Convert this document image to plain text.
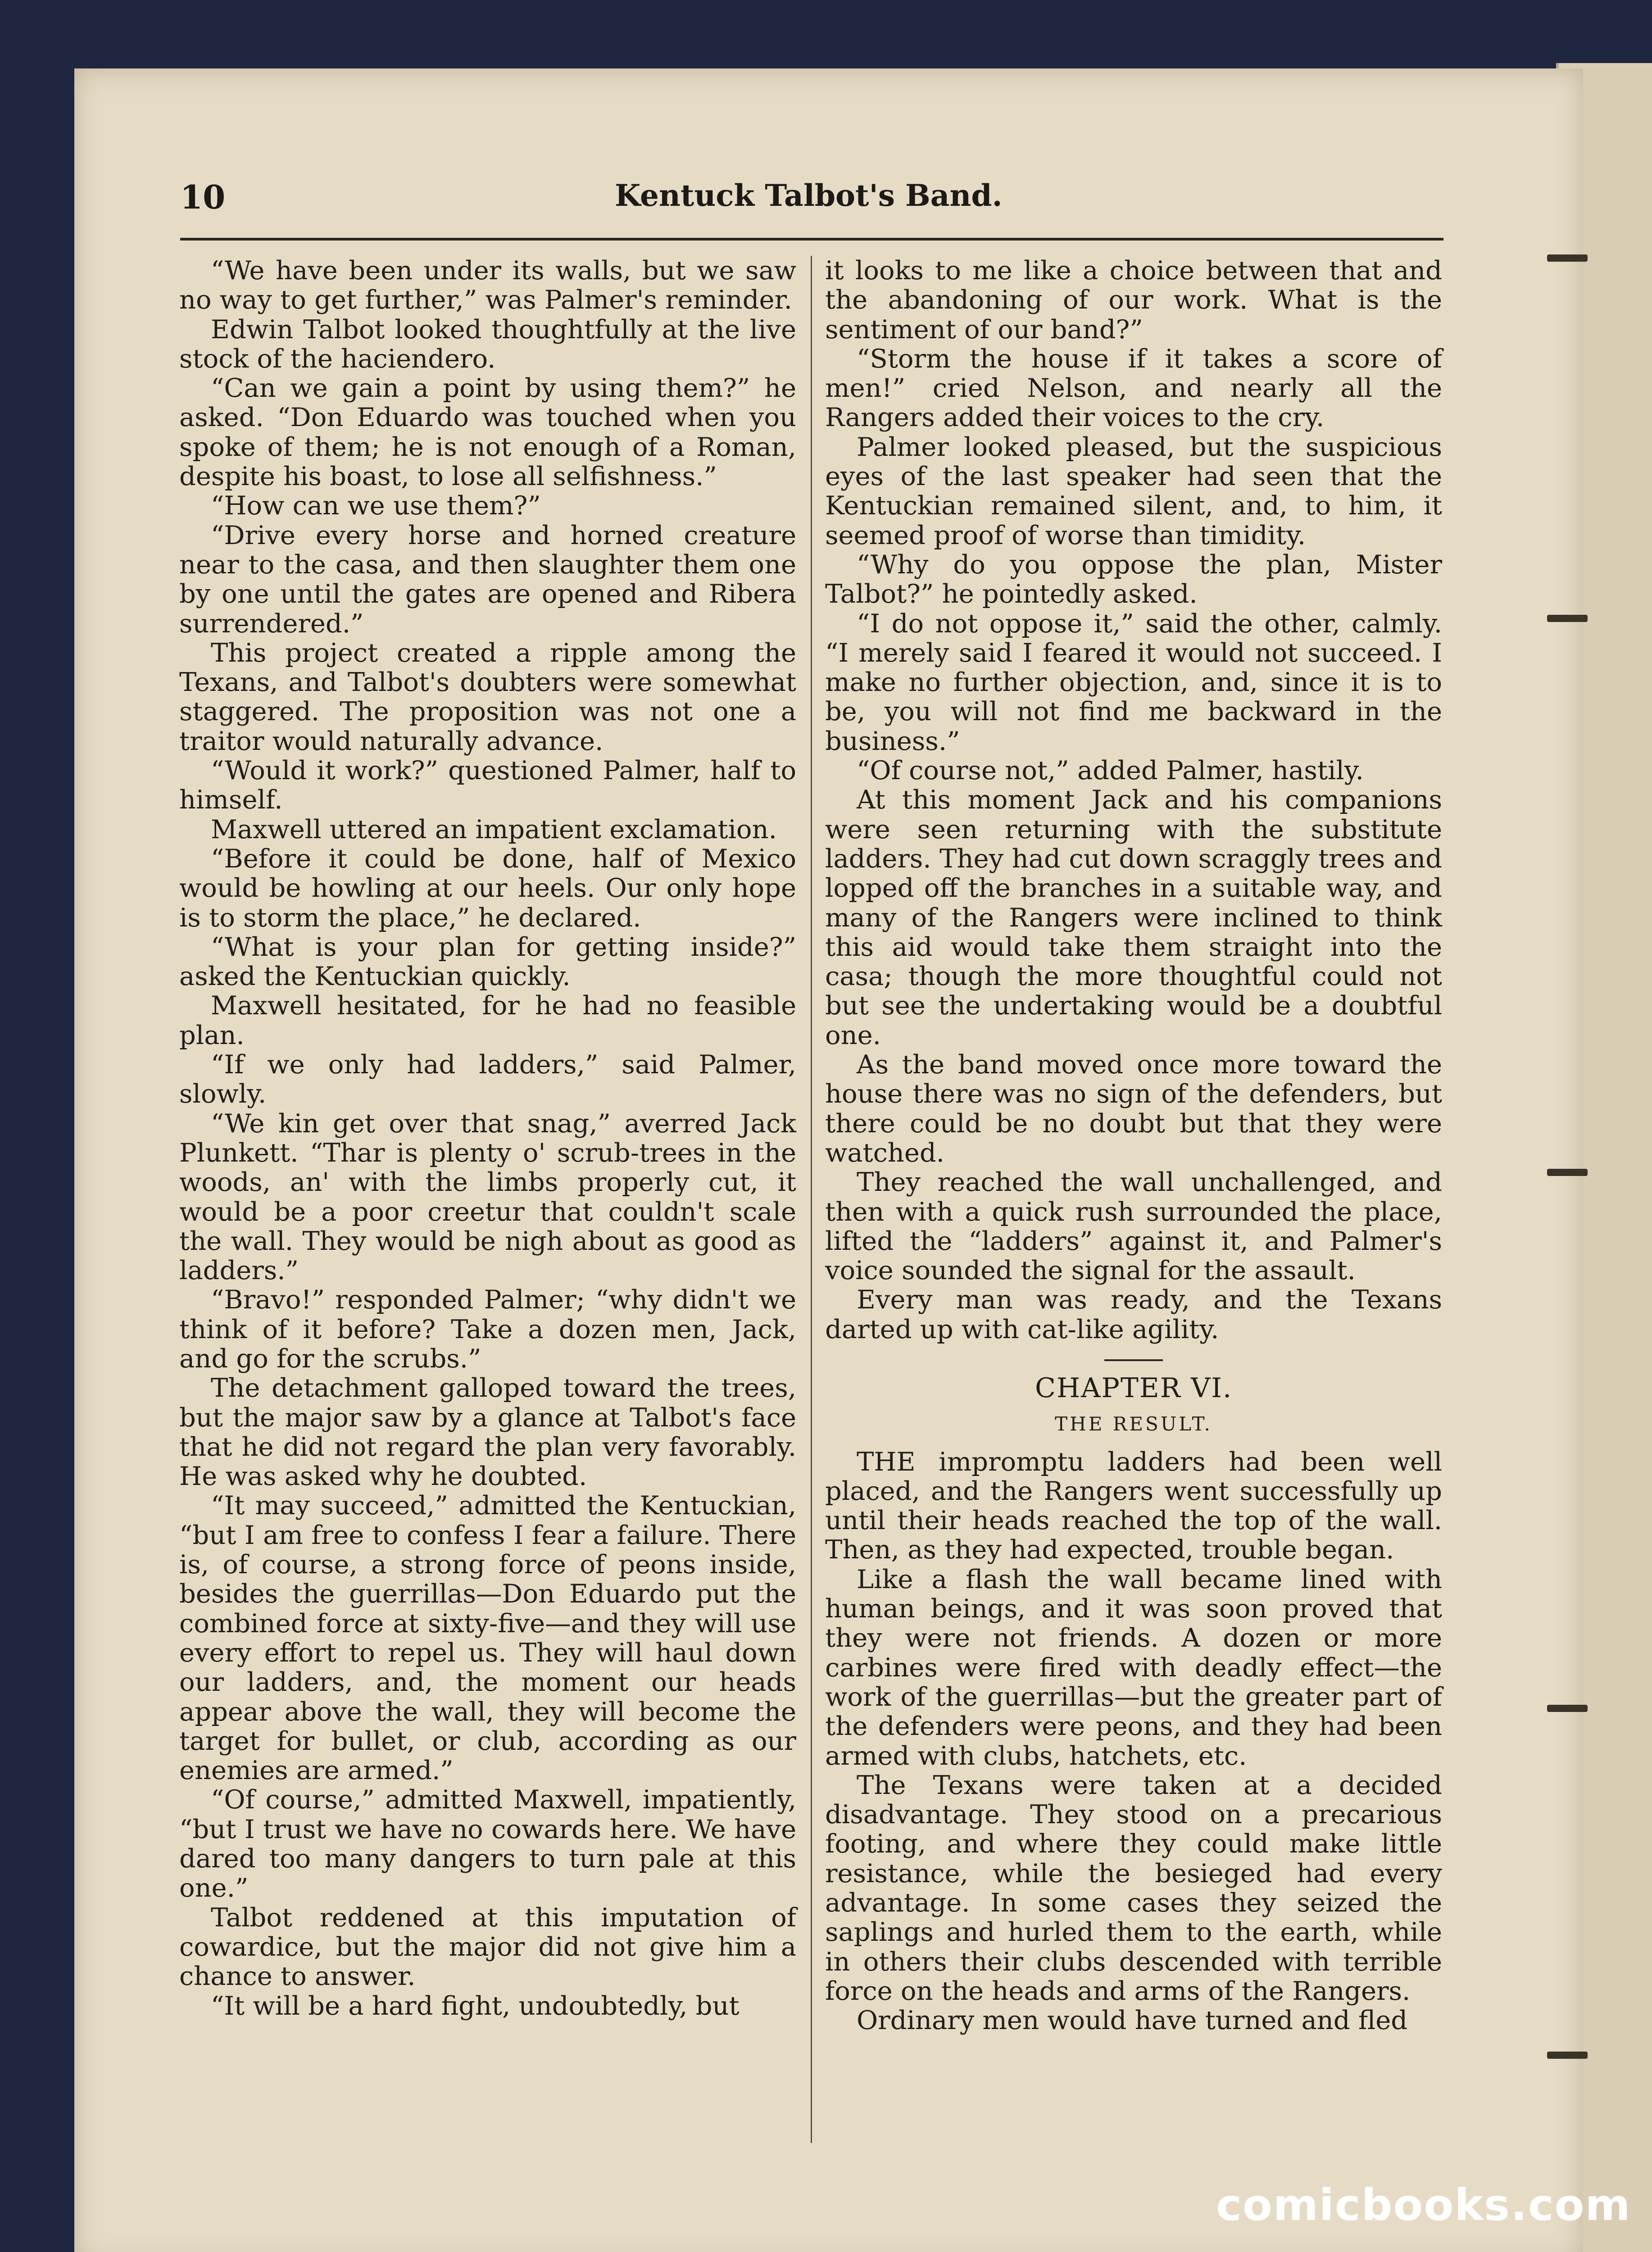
10	Kentuck Talbot's Band.

“We have been under its walls, but we saw no way to get further,” was Palmer's reminder.

Edwin Talbot looked thoughtfully at the live stock of the haciendero.

“Can we gain a point by using them?” he asked. “Don Eduardo was touched when you spoke of them; he is not enough of a Roman, despite his boast, to lose all selfishness.”

“How can we use them?”

“Drive every horse and horned creature near to the casa, and then slaughter them one by one until the gates are opened and Ribera surrendered.”

This project created a ripple among the Texans, and Talbot's doubters were somewhat staggered. The proposition was not one a traitor would naturally advance.

“Would it work?” questioned Palmer, half to himself.

Maxwell uttered an impatient exclamation.

“Before it could be done, half of Mexico would be howling at our heels. Our only hope is to storm the place,” he declared.

“What is your plan for getting inside?” asked the Kentuckian quickly.

Maxwell hesitated, for he had no feasible plan.

“If we only had ladders,” said Palmer, slowly.

“We kin get over that snag,” averred Jack Plunkett. “Thar is plenty o' scrub-trees in the woods, an' with the limbs properly cut, it would be a poor creetur that couldn't scale the wall. They would be nigh about as good as ladders.”

“Bravo!” responded Palmer; “why didn't we think of it before? Take a dozen men, Jack, and go for the scrubs.”

The detachment galloped toward the trees, but the major saw by a glance at Talbot's face that he did not regard the plan very favorably. He was asked why he doubted.

“It may succeed,” admitted the Kentuckian, “but I am free to confess I fear a failure. There is, of course, a strong force of peons inside, besides the guerrillas—Don Eduardo put the combined force at sixty-five—and they will use every effort to repel us. They will haul down our ladders, and, the moment our heads appear above the wall, they will become the target for bullet, or club, according as our enemies are armed.”

“Of course,” admitted Maxwell, impatiently, “but I trust we have no cowards here. We have dared too many dangers to turn pale at this one.”

Talbot reddened at this imputation of cowardice, but the major did not give him a chance to answer.

“It will be a hard fight, undoubtedly, but

it looks to me like a choice between that and the abandoning of our work. What is the sentiment of our band?”

“Storm the house if it takes a score of men!” cried Nelson, and nearly all the Rangers added their voices to the cry.

Palmer looked pleased, but the suspicious eyes of the last speaker had seen that the Kentuckian remained silent, and, to him, it seemed proof of worse than timidity.

“Why do you oppose the plan, Mister Talbot?” he pointedly asked.

“I do not oppose it,” said the other, calmly. “I merely said I feared it would not succeed. I make no further objection, and, since it is to be, you will not find me backward in the business.”

“Of course not,” added Palmer, hastily.

At this moment Jack and his companions were seen returning with the substitute ladders. They had cut down scraggly trees and lopped off the branches in a suitable way, and many of the Rangers were inclined to think this aid would take them straight into the casa; though the more thoughtful could not but see the undertaking would be a doubtful one.

As the band moved once more toward the house there was no sign of the defenders, but there could be no doubt but that they were watched.

They reached the wall unchallenged, and then with a quick rush surrounded the place, lifted the “ladders” against it, and Palmer's voice sounded the signal for the assault.

Every man was ready, and the Texans darted up with cat-like agility.

CHAPTER VI.

THE RESULT.

THE impromptu ladders had been well placed, and the Rangers went successfully up until their heads reached the top of the wall. Then, as they had expected, trouble began.

Like a flash the wall became lined with human beings, and it was soon proved that they were not friends. A dozen or more carbines were fired with deadly effect—the work of the guerrillas—but the greater part of the defenders were peons, and they had been armed with clubs, hatchets, etc.

The Texans were taken at a decided disadvantage. They stood on a precarious footing, and where they could make little resistance, while the besieged had every advantage. In some cases they seized the saplings and hurled them to the earth, while in others their clubs descended with terrible force on the heads and arms of the Rangers.

Ordinary men would have turned and fled

comicbooks.com
